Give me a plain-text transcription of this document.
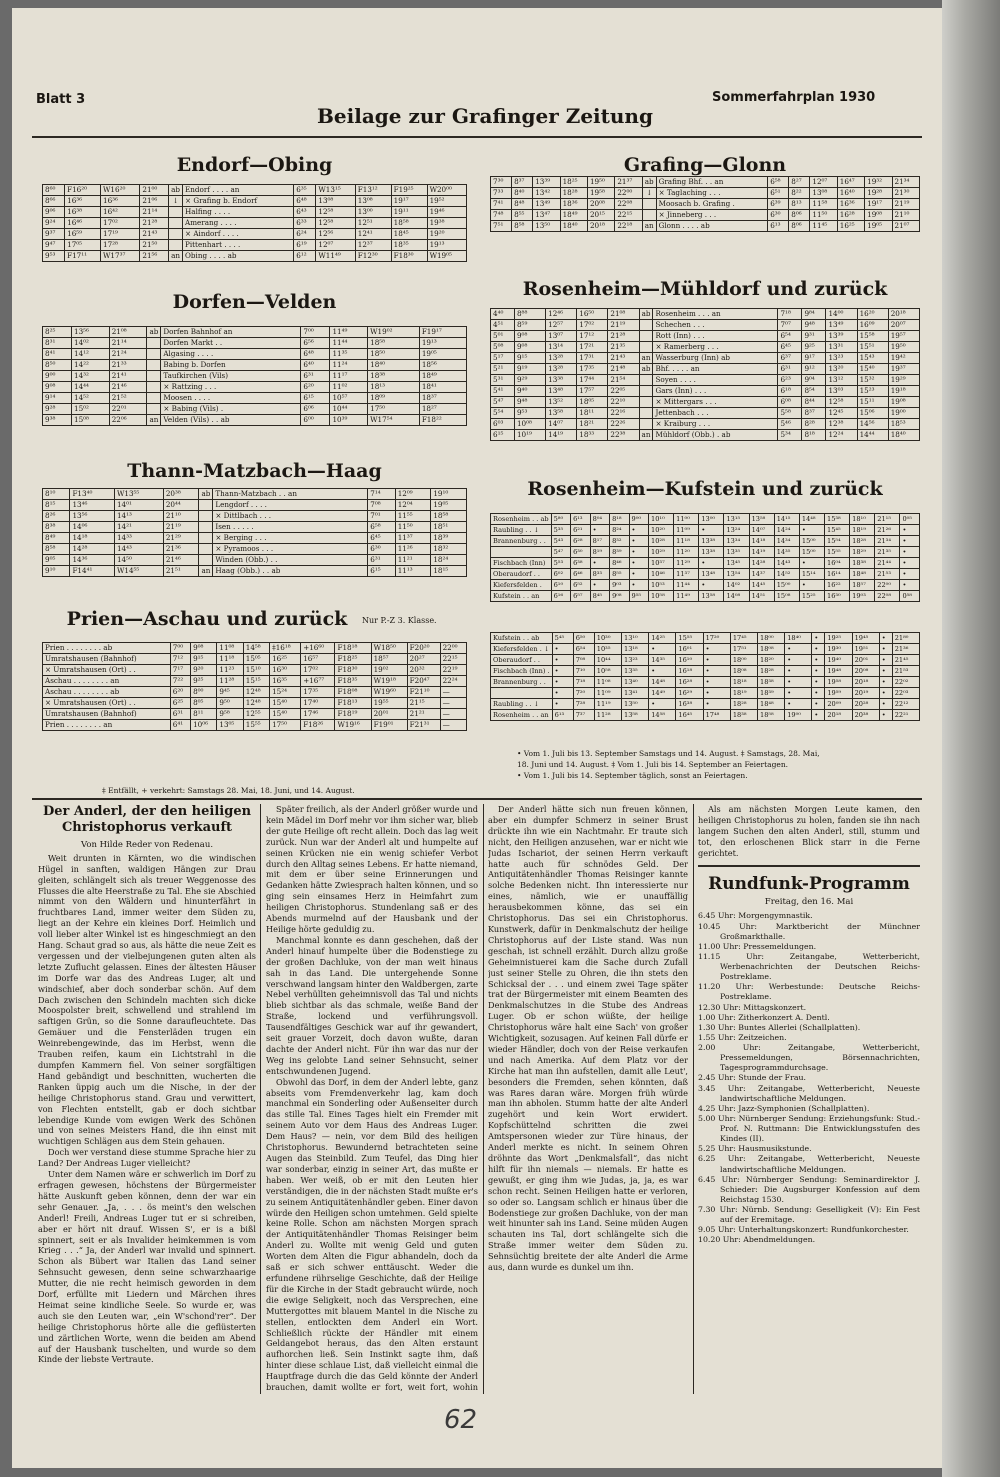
Blatt 3
Beilage zur Grafinger Zeitung
Sommerfahrplan 1930
Endorf—Obing
8⁶⁰	F16²⁰	W16²⁰	21⁰⁰	ab	Endorf . . . . an	6³⁵	W13¹⁵	F13¹²	F19²⁵	W20⁰⁰
8⁶⁶	16³⁶	16³⁶	21⁰⁶	↓	× Grafing b. Endorf	6⁴⁸	13⁰⁸	13⁰⁸	19¹⁷	19⁵²
9⁰⁶	16³⁸	16⁴²	21¹⁴		Halfing . . . .	6⁴³	12⁵⁸	13⁰⁰	19¹¹	19⁴⁶
9²⁴	16⁴⁶	17⁰²	21²⁸		Amerang . . . .	6³³	12⁵⁸	12⁵¹	18⁵⁸	19³⁸
9³⁷	16⁵⁹	17¹⁹	21⁴³		× Aindorf . . . .	6²⁴	12⁵⁶	12⁴¹	18⁴⁵	19²⁰
9⁴⁷	17⁰⁵	17²⁸	21⁵⁰		Pittenhart . . . .	6¹⁹	12⁰⁷	12³⁷	18³⁵	19¹³
9⁵³	F17¹¹	W17³⁷	21⁵⁶	an	Obing . . . . ab	6¹²	W11⁴⁹	F12³⁰	F18³⁰	W19⁰⁵
Dorfen—Velden
8²⁵	13⁵⁶	21⁰⁸	ab	Dorfen Bahnhof an	7⁰⁰	11⁴⁹	W19⁰²	F19¹⁷
8³¹	14⁰²	21¹⁴		Dorfen Markt . .	6⁵⁶	11⁴⁴	18⁵⁸	19¹³
8⁴¹	14¹²	21²⁴		Algasing . . . .	6⁴⁸	11³⁵	18⁵⁰	19⁰⁵
8⁵⁰	14²²	21³³		Babing b. Dorfen	6⁴⁰	11²⁴	18⁴⁰	18⁵⁶
9⁰⁰	14³²	21⁴¹		Taufkirchen (Vils)	6³¹	11¹⁷	18³⁸	18⁴⁹
9⁰⁸	14⁴⁴	21⁴⁶		× Rattzing . . .	6²⁰	11⁰²	18¹³	18⁴¹
9¹⁴	14⁵²	21⁵²		Moosen . . . .	6¹⁵	10⁵⁷	18⁰⁹	18³⁷
9²⁸	15⁰²	22⁰¹		× Babing (Vils) .	6⁰⁶	10⁴⁴	17⁵⁰	18²⁷
9³⁸	15⁰⁸	22⁰⁶	an	Velden (Vils) . . ab	6⁰⁰	10³⁹	W17⁵⁴	F18²²
Thann-Matzbach—Haag
8¹⁰	F13⁴⁰	W13⁵⁵	20³⁸	ab	Thann-Matzbach . . an	7¹⁴	12⁰⁹	19¹⁰
8¹⁵	13⁴⁶	14⁰¹	20⁴⁴		Lengdorf . . . .	7⁰⁸	12⁰⁴	19⁰⁵
8²⁶	13⁵⁶	14¹³	21¹⁰		× Dittlbach . . .	7⁰¹	11⁵⁵	18⁵⁸
8³⁸	14⁰⁶	14²¹	21¹⁹		Isen . . . . .	6⁵⁸	11⁵⁰	18⁵¹
8⁴⁹	14¹⁸	14³³	21²⁹		× Berging . . .	6⁴⁵	11³⁷	18³⁹
8⁵⁸	14²⁸	14⁴³	21³⁶		× Pyramoos . . .	6³⁰	11²⁶	18³²
9⁰⁵	14³⁶	14⁵⁰	21⁴⁶		Winden (Obb.) . .	6³¹	11²¹	18²⁴
9¹⁰	F14⁴¹	W14⁵⁵	21⁵¹	an	Haag (Obb.) . . ab	6¹⁵	11¹³	18¹⁵
Prien—Aschau und zurück	Nur P.-Z 3. Klasse.
Prien . . . . . . . . ab	7⁰⁰	9⁰⁸	11⁰⁸	14⁵⁸	‡16¹⁸	+16⁶⁰	F18¹⁸	W18⁵⁰	F20²⁰	22⁰⁰
Umratshausen (Bahnhof)	7¹²	9¹⁵	11¹⁸	15⁰⁵	16²⁵	16⁵⁷	F18²⁵	18⁵⁷	20²⁷	22¹⁵
× Umratshausen (Ort) . .	7¹⁷	9²⁰	11²³	15¹⁰	16³⁰	17⁰²	F18³⁰	19⁰²	20³²	22¹⁹
Aschau . . . . . . . . an	7²²	9²⁵	11²⁸	15¹⁵	16³⁵	+16⁷⁷	F18³⁵	W19¹⁸	F20⁴⁷	22²⁴
Aschau . . . . . . . . ab	6²⁰	8⁰⁰	9⁴⁵	12⁴⁸	15²⁴	17³⁵	F18⁰⁸	W19⁶⁰	F21¹⁰	—
× Umratshausen (Ort) . .	6²⁵	8⁰⁵	9⁵⁰	12⁴⁸	15⁴⁰	17⁴⁰	F18¹³	19⁵⁵	21¹⁵	—
Umratshausen (Bahnhof)	6³¹	8¹¹	9⁵⁸	12⁵⁵	15⁴⁰	17⁴⁶	F18¹⁹	20⁰¹	21²¹	—
Prien . . . . . . . . an	6⁴¹	10⁰⁶	13⁰⁵	15⁵⁵	17⁵⁰	F18²⁶	W19¹⁶	F19⁰¹	F21³¹	—
‡ Entfällt, + verkehrt: Samstags 28. Mai, 18. Juni, und 14. August.
Grafing—Glonn
7³⁰	8³⁷	13³⁹	18²⁵	19⁵⁰	21³⁷	ab	Grafing Bhf. . . an	6⁵⁸	8²⁷	12⁰⁷	16⁴⁷	19³²	21³⁴
7³³	8⁴⁰	13⁴²	18²⁸	19⁵⁸	22⁰⁰	↓	× Taglaching . . .	6⁵¹	8²²	13⁰⁸	16⁴⁰	19²⁸	21³⁰
7⁴¹	8⁴⁸	13⁴⁹	18³⁶	20⁰⁸	22⁰⁸		Moosach b. Grafing .	6³⁹	8¹³	11⁵⁸	16³⁶	19¹⁷	21¹⁹
7⁴⁸	8⁵⁵	13⁴⁷	18⁴⁹	20¹⁵	22¹⁵		× Jinneberg . . .	6³⁰	8⁰⁶	11⁵⁰	16²⁸	19⁰⁸	21¹⁰
7⁵¹	8⁵⁸	13⁵⁰	18⁴⁰	20¹⁸	22¹⁸	an	Glonn . . . . ab	6¹³	8⁰⁶	11⁴⁵	16²⁵	19⁰⁵	21⁰⁷
Rosenheim—Mühldorf und zurück
4⁴⁰	8⁸⁸	12⁴⁶	16⁵⁰	21⁰⁸	ab	Rosenheim . . . an	7¹⁸	9⁸⁴	14⁰⁰	16²⁰	20¹⁸
4⁵¹	8⁵⁹	12⁵⁷	17⁰²	21¹⁹		Schechen . . .	7⁰⁷	9⁴⁸	13⁴⁹	16⁰⁹	20⁰⁷
5⁰¹	9⁰⁸	13⁰⁷	17¹²	21²⁸		Rott (Inn) . . .	6⁵⁴	9³¹	13³⁹	15⁵⁸	19⁵⁷
5⁰⁸	9⁰⁸	13¹⁴	17²¹	21³⁵		× Ramerberg . . .	6⁴⁵	9²⁵	13³¹	15⁵¹	19⁵⁰
5¹⁷	9¹⁵	13²⁸	17³¹	21⁴³	an	Wasserburg (Inn) ab	6³⁷	9¹⁷	13²³	15⁴³	19⁴²
5²¹	9¹⁹	13²⁸	17³⁵	21⁴⁸	ab	Bhf. . . . . an	6³¹	9¹²	13²⁰	15⁴⁰	19³⁷
5³¹	9²⁹	13³⁸	17⁴⁴	21⁵⁴		Soyen . . . .	6²³	9⁰⁴	13¹²	15³²	19²⁹
5⁴¹	9⁴⁰	13⁴⁸	17⁵⁷	22⁰⁵		Gars (Inn) . . .	6¹⁸	8⁵⁴	13⁰³	15²³	19¹⁸
5⁴⁷	9⁴⁸	13⁵²	18⁰⁵	22¹⁰		× Mittergars . . .	6⁰⁸	8⁴⁴	12⁵⁸	15¹¹	19⁰⁸
5⁵⁴	9⁵³	13⁵⁸	18¹¹	22¹⁶		Jettenbach . . .	5⁵⁸	8³⁷	12⁴⁵	15⁰⁶	19⁰⁰
6⁰³	10⁰⁸	14⁰⁷	18²¹	22²⁶		× Kraiburg . . .	5⁴⁶	8²⁸	12³⁸	14⁵⁶	18⁵³
6¹⁵	10¹⁹	14¹⁹	18³³	22³⁸	an	Mühldorf (Obb.) . ab	5³⁴	8¹⁸	12²⁴	14⁴⁴	18⁴⁰
Rosenheim—Kufstein und zurück
Rosenheim . . ab	5⁸⁰	6¹³	8⁰⁴	8¹⁸	9⁰⁰	10¹⁰	11⁰⁰	13⁰⁰	13¹⁵	13⁵⁸	14¹⁵	14⁴⁸	15³⁸	18¹⁰	21¹⁵	0⁰⁵
Raubling . . ↓	5³⁵	6²¹	•	8²⁴	•	10²⁰	11⁰⁹	•	13²⁴	14⁰⁷	14²⁴	•	15⁴⁵	18¹⁹	21²⁶	•
Brannenburg . .	5⁴³	6²⁸	8¹⁷	8³²	•	10²⁸	11¹⁸	13³⁸	13³⁴	14¹⁸	14³⁴	15⁰⁰	15⁵⁴	18²⁸	21³⁴	•
	5⁴⁷	6³⁰	8¹⁹	8³⁹	•	10²⁹	11²⁰	13³⁸	13³⁵	14¹⁹	14³⁵	15⁰⁰	15⁵⁵	18²⁹	21³⁵	•
Fischbach (Inn)	5⁵³	6³⁸	•	8⁴⁶	•	10³⁷	11²⁹	•	13⁴⁵	14²⁸	14⁴³	•	16⁰⁴	18³⁸	21⁴⁴	•
Oberaudorf . .	6⁰²	6⁴⁶	8³³	8⁵⁵	•	10⁴⁶	11³⁷	13⁴⁸	13⁵⁴	14³⁷	14⁵²	15¹⁴	16¹⁴	18⁴⁸	21⁵³	•
Kiefersfelden .	6¹⁰	6⁵²	•	9⁰³	•	10⁵³	11⁴⁴	•	14⁰²	14⁴⁵	15⁰⁰	•	16²²	18⁵⁷	22⁰⁰	•
Kufstein . . an	6¹⁶	6⁵⁷	8⁴⁵	9⁰⁸	9⁵⁵	10⁵⁸	11⁴⁹	13⁵⁸	14⁰⁸	14⁵¹	15⁰⁸	15²⁵	16³⁰	19⁰³	22⁰⁸	0⁵⁸
Kufstein . . ab	5⁴⁵	6⁵⁰	10³⁰	13¹⁰	14²⁵	15⁵⁵	17²⁰	17⁴⁵	18⁰⁰	18⁴⁰	•	19²⁵	19⁴⁵	•	21⁸⁰
Kiefersfelden . ↓	•	6⁵⁴	10³⁵	13¹⁸	•	16⁰¹	•	17⁵¹	18⁰⁸	•	•	19³⁰	19⁵¹	•	21³⁶
Oberaudorf . .	•	7⁰⁸	10⁴⁴	13²³	14³⁵	16¹⁰	•	18⁰⁰	18²⁰	•	•	19⁴⁰	20⁰¹	•	21⁴⁵
Fischbach (Inn) .	•	7¹⁰	10⁵⁸	13³⁵	•	16¹⁸	•	18⁰⁸	18²⁸	•	•	19⁴⁸	20⁰⁸	•	21⁵³
Brannenburg . .	•	7¹⁸	11⁰⁸	13⁴⁰	14⁴⁸	16²⁸	•	18¹⁸	18³⁸	•	•	19⁵⁸	20¹⁸	•	22⁰²
	•	7²⁰	11⁰⁹	13⁴¹	14⁴⁹	16²⁹	•	18¹⁹	18³⁹	•	•	19⁵⁹	20¹⁹	•	22⁰³
Raubling . . ↓	•	7²⁸	11¹⁹	13⁵⁰	•	16³⁸	•	18²⁸	18⁴⁸	•	•	20⁰⁹	20²⁸	•	22¹²
Rosenheim . . an	6¹³	7³⁷	11²⁸	13⁵⁸	14⁵⁸	16⁴⁵	17⁴⁸	18³⁸	18⁵⁸	19⁰⁰	•	20¹⁸	20³⁸	•	22²¹
• Vom 1. Juli bis 13. September Samstags und 14. August. ‡ Samstags, 28. Mai,
18. Juni und 14. August. ‡ Vom 1. Juli bis 14. September an Feiertagen.
• Vom 1. Juli bis 14. September täglich, sonst an Feiertagen.
Der Anderl, der den heiligen Christophorus verkauft
Von Hilde Reder von Redenau.

Weit drunten in Kärnten, wo die windischen Hügel in sanften, waldigen Hängen zur Drau gleiten, schlängelt sich als treuer Weggenosse des Flusses die alte Heerstraße zu Tal. Ehe sie Abschied nimmt von den Wäldern und hinunterfährt in fruchtbares Land, immer weiter dem Süden zu, liegt an der Kehre ein kleines Dorf. Heimlich und voll lieber alter Winkel ist es hingeschmiegt an den Hang. Schaut grad so aus, als hätte die neue Zeit es vergessen und der vielbejungenen guten alten als letzte Zuflucht gelassen. Eines der ältesten Häuser im Dorfe war das des Andreas Luger, alt und windschief, aber doch sonderbar schön. Auf dem Dach zwischen den Schindeln machten sich dicke Moospolster breit, schwellend und strahlend im saftigen Grün, so die Sonne daraufleuchtete. Das Gemäuer und die Fensterläden trugen ein Weinrebengewinde, das im Herbst, wenn die Trauben reifen, kaum ein Lichtstrahl in die dumpfen Kammern fiel. Von seiner sorgfältigen Hand gebändigt und beschnitten, wucherten die Ranken üppig auch um die Nische, in der der heilige Christophorus stand. Grau und verwittert, von Flechten entstellt, gab er doch sichtbar lebendige Kunde vom ewigen Werk des Schönen und von seines Meisters Hand, die ihn einst mit wuchtigen Schlägen aus dem Stein gehauen.

Doch wer verstand diese stumme Sprache hier zu Land? Der Andreas Luger vielleicht?

Unter dem Namen wäre er schwerlich im Dorf zu erfragen gewesen, höchstens der Bürgermeister hätte Auskunft geben können, denn der war ein sehr Genauer. „Ja, . . . ös meint's den welschen Anderl! Freili, Andreas Luger tut er si schreiben, aber er hört nit drauf. Wissen S', er is a bißl spinnert, seit er als Invalider heimkemmen is vom Krieg . . .“ Ja, der Anderl war invalid und spinnert. Schon als Bübert war Italien das Land seiner Sehnsucht gewesen, denn seine schwarzhaarige Mutter, die nie recht heimisch geworden in dem Dorf, erfüllte mit Liedern und Märchen ihres Heimat seine kindliche Seele. So wurde er, was auch sie den Leuten war, „ein W'schond'rer“. Der heilige Christophorus hörte alle die geflüsterten und zärtlichen Worte, wenn die beiden am Abend auf der Hausbank tuschelten, und wurde so dem Kinde der liebste Vertraute.

Später freilich, als der Anderl größer wurde und kein Mädel im Dorf mehr vor ihm sicher war, blieb der gute Heilige oft recht allein. Doch das lag weit zurück. Nun war der Anderl alt und humpelte auf seinen Krücken nie ein wenig schiefer Verbot durch den Alltag seines Lebens. Er hatte niemand, mit dem er über seine Erinnerungen und Gedanken hätte Zwiesprach halten können, und so ging sein einsames Herz in Heimfahrt zum heiligen Christophorus. Stundenlang saß er des Abends murmelnd auf der Hausbank und der Heilige hörte geduldig zu.

Manchmal konnte es dann geschehen, daß der Anderl hinauf humpelte über die Bodenstiege zu der großen Dachluke, von der man weit hinaus sah in das Land. Die untergehende Sonne verschwand langsam hinter den Waldbergen, zarte Nebel verhüllten geheimnisvoll das Tal und nichts blieb sichtbar als das schmale, weiße Band der Straße, lockend und verführungsvoll. Tausendfältiges Geschick war auf ihr gewandert, seit grauer Vorzeit, doch davon wußte, daran dachte der Anderl nicht. Für ihn war das nur der Weg ins gelobte Land seiner Sehnsucht, seiner entschwundenen Jugend.

Obwohl das Dorf, in dem der Anderl lebte, ganz abseits vom Fremdenverkehr lag, kam doch manchmal ein Sonderling oder Außenseiter durch das stille Tal. Eines Tages hielt ein Fremder mit seinem Auto vor dem Haus des Andreas Luger. Dem Haus? — nein, vor dem Bild des heiligen Christophorus. Bewundernd betrachteten seine Augen das Steinbild. Zum Teufel, das Ding hier war sonderbar, einzig in seiner Art, das mußte er haben. Wer weiß, ob er mit den Leuten hier verständigen, die in der nächsten Stadt mußte er's zu seinem Antiquitätenhändler geben. Einer davon würde den Heiligen schon umtehmen. Geld spielte keine Rolle. Schon am nächsten Morgen sprach der Antiquitätenhändler Thomas Reisinger beim Anderl zu. Wollte mit wenig Geld und guten Worten dem Alten die Figur abhandeln, doch da saß er sich schwer enttäuscht. Weder die erfundene rührselige Geschichte, daß der Heilige für die Kirche in der Stadt gebraucht würde, noch die ewige Seligkeit, noch das Versprechen, eine Muttergottes mit blauem Mantel in die Nische zu stellen, entlockten dem Anderl ein Wort. Schließlich rückte der Händler mit einem Geldangebot heraus, das den Alten erstaunt aufhorchen ließ. Sein Instinkt sagte ihm, daß hinter diese schlaue List, daß vielleicht einmal die Hauptfrage durch die das Geld könnte der Anderl brauchen, damit wollte er fort, weit fort, wohin

Der Anderl hätte sich nun freuen können, aber ein dumpfer Schmerz in seiner Brust drückte ihn wie ein Nachtmahr. Er traute sich nicht, den Heiligen anzusehen, war er nicht wie Judas Ischariot, der seinen Herrn verkauft hatte auch für schnödes Geld. Der Antiquitätenhändler Thomas Reisinger kannte solche Bedenken nicht. Ihn interessierte nur eines, nämlich, wie er unauffällig herausbekommen könne, das sei ein Christophorus. Das sei ein Christophorus. Kunstwerk, dafür in Denkmalschutz der heilige Christophorus auf der Liste stand. Was nun geschah, ist schnell erzählt. Durch allzu große Geheimnistuerei kam die Sache durch Zufall just seiner Stelle zu Ohren, die ihn stets den Schicksal der . . . und einem zwei Tage später trat der Bürgermeister mit einem Beamten des Denkmalschutzes in die Stube des Andreas Luger. Ob er schon wüßte, der heilige Christophorus wäre halt eine Sach' von großer Wichtigkeit, sozusagen. Auf keinen Fall dürfe er wieder Händler, doch von der Reise verkaufen und nach Amerika. Auf dem Platz vor der Kirche hat man ihn aufstellen, damit alle Leut', besonders die Fremden, sehen könnten, daß was Rares daran wäre. Morgen früh würde man ihn abholen. Stumm hatte der alte Anderl zugehört und kein Wort erwidert. Kopfschüttelnd schritten die zwei Amtspersonen wieder zur Türe hinaus, der Anderl merkte es nicht. In seinem Ohren dröhnte das Wort „Denkmalsfall“, das nicht hilft für ihn niemals — niemals. Er hatte es gewußt, er ging ihm wie Judas, ja, ja, es war schon recht. Seinen Heiligen hatte er verloren, so oder so. Langsam schlich er hinaus über die Bodenstiege zur großen Dachluke, von der man weit hinunter sah ins Land. Seine müden Augen schauten ins Tal, dort schlängelte sich die Straße immer weiter dem Süden zu. Sehnsüchtig breitete der alte Anderl die Arme aus, dann wurde es dunkel um ihn.

Als am nächsten Morgen Leute kamen, den heiligen Christophorus zu holen, fanden sie ihn nach langem Suchen den alten Anderl, still, stumm und tot, den erloschenen Blick starr in die Ferne gerichtet.

Rundfunk-Programm
Freitag, den 16. Mai
6.45 Uhr: Morgengymnastik.
10.45 Uhr: Marktbericht der Münchner Großmarkthalle.
11.00 Uhr: Pressemeldungen.
11.15 Uhr: Zeitangabe, Wetterbericht, Werbenachrichten der Deutschen Reichs-Postreklame.
11.20 Uhr: Werbestunde: Deutsche Reichs-Postreklame.
12.30 Uhr: Mittagskonzert.
1.00 Uhr: Zitherkonzert A. Dentl.
1.30 Uhr: Buntes Allerlei (Schallplatten).
1.55 Uhr: Zeitzeichen.
2.00 Uhr: Zeitangabe, Wetterbericht, Pressemeldungen, Börsennachrichten, Tagesprogrammdurchsage.
2.45 Uhr: Stunde der Frau.
3.45 Uhr: Zeitangabe, Wetterbericht, Neueste landwirtschaftliche Meldungen.
4.25 Uhr: Jazz-Symphonien (Schallplatten).
5.00 Uhr: Nürnberger Sendung: Erziehungsfunk: Stud.-Prof. N. Ruttmann: Die Entwicklungsstufen des Kindes (II).
5.25 Uhr: Hausmusikstunde.
6.25 Uhr: Zeitangabe, Wetterbericht, Neueste landwirtschaftliche Meldungen.
6.45 Uhr: Nürnberger Sendung: Seminardirektor J. Schieder: Die Augsburger Konfession auf dem Reichstag 1530.
7.30 Uhr: Nürnb. Sendung: Geselligkeit (V): Ein Fest auf der Eremitage.
9.05 Uhr: Unterhaltungskonzert: Rundfunkorchester.
10.20 Uhr: Abendmeldungen.
62
